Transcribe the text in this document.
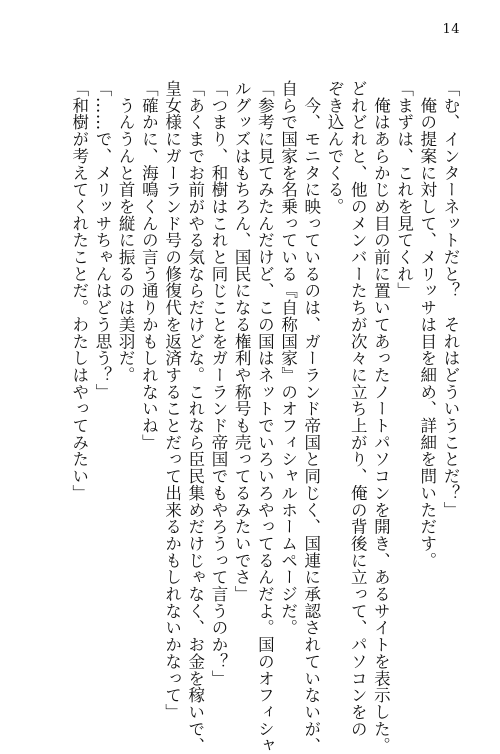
14
「む、インターネットだと？　それはどういうことだ？」
　俺の提案に対して、メリッサは目を細め、詳細を問いただす。
「まずは、これを見てくれ」
　俺はあらかじめ目の前に置いてあったノートパソコンを開き、あるサイトを表示した。
どれどれと、他のメンバーたちが次々に立ち上がり、俺の背後に立って、パソコンをの
ぞき込んでくる。
　今、モニタに映っているのは、ガーランド帝国と同じく、国連に承認されていないが、
自らで国家を名乗っている『自称国家』のオフィシャルホームページだ。
「参考に見てみたんだけど、この国はネットでいろいろやってるんだよ。国のオフィシャ
ルグッズはもちろん、国民になる権利や称号も売ってるみたいでさ」
「つまり、和樹はこれと同じことをガーランド帝国でもやろうって言うのか？」
「あくまでお前がやる気ならだけどな。これなら臣民集めだけじゃなく、お金を稼いで、
皇女様にガーランド号の修復代を返済することだって出来るかもしれないかなって」
「確かに、海鳴くんの言う通りかもしれないね」
　うんうんと首を縦に振るのは美羽だ。
「……で、メリッサちゃんはどう思う？」
「和樹が考えてくれたことだ。わたしはやってみたい」
